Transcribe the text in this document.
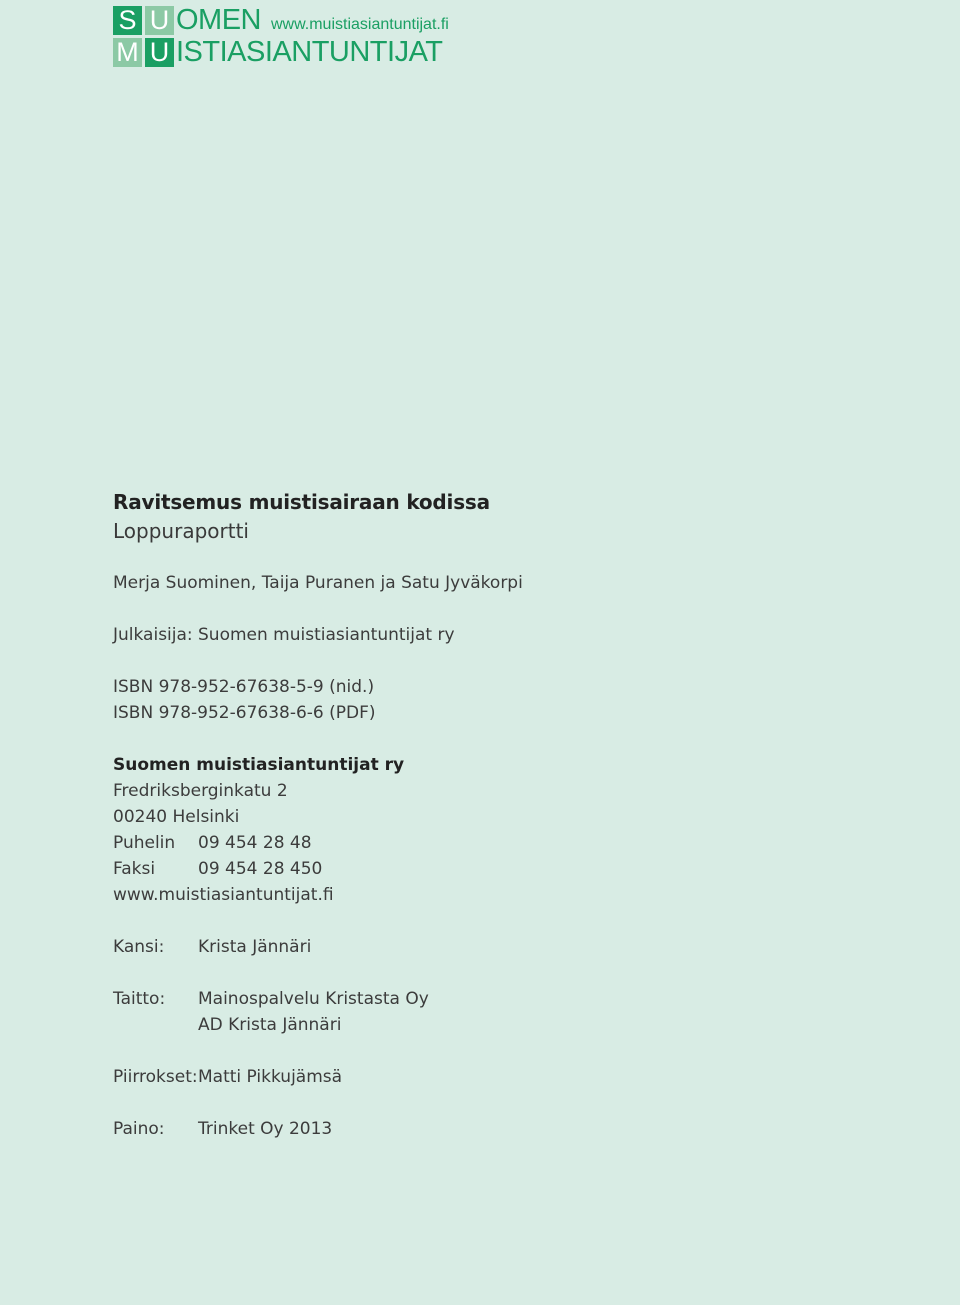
S U OMEN www.muistiasiantuntijat.fi
M U ISTIASIANTUNTIJAT
Ravitsemus muistisairaan kodissa
Loppuraportti
Merja Suominen, Taija Puranen ja Satu Jyväkorpi
Julkaisija: Suomen muistiasiantuntijat ry
ISBN 978-952-67638-5-9 (nid.)
ISBN 978-952-67638-6-6 (PDF)
Suomen muistiasiantuntijat ry
Fredriksberginkatu 2
00240 Helsinki
Puhelin	09 454 28 48
Faksi	09 454 28 450
www.muistiasiantuntijat.fi
Kansi:	Krista Jännäri
Taitto:	Mainospalvelu Kristasta Oy
AD Krista Jännäri
Piirrokset: Matti Pikkujämsä
Paino:	Trinket Oy 2013
